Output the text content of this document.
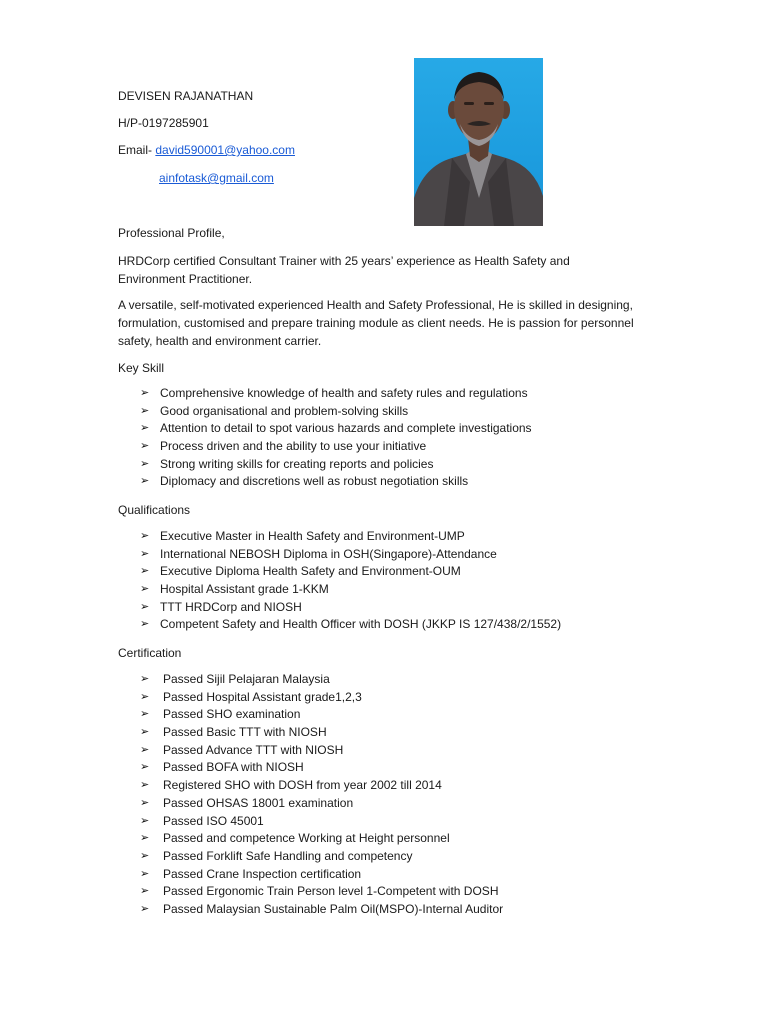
DEVISEN RAJANATHAN
H/P-0197285901
Email- david590001@yahoo.com
ainfotask@gmail.com
Professional Profile,
HRDCorp certified Consultant Trainer with 25 years’ experience as Health Safety and Environment Practitioner.
A versatile, self-motivated experienced Health and Safety Professional, He is skilled in designing, formulation, customised and prepare training module as client needs. He is passion for personnel safety, health and environment carrier.
Key Skill
➢ Comprehensive knowledge of health and safety rules and regulations
➢ Good organisational and problem-solving skills
➢ Attention to detail to spot various hazards and complete investigations
➢ Process driven and the ability to use your initiative
➢ Strong writing skills for creating reports and policies
➢ Diplomacy and discretions well as robust negotiation skills
Qualifications
➢ Executive Master in Health Safety and Environment-UMP
➢ International NEBOSH Diploma in OSH(Singapore)-Attendance
➢ Executive Diploma Health Safety and Environment-OUM
➢ Hospital Assistant grade 1-KKM
➢ TTT HRDCorp and NIOSH
➢ Competent Safety and Health Officer with DOSH (JKKP IS 127/438/2/1552)
Certification
➢	Passed Sijil Pelajaran Malaysia
➢	Passed Hospital Assistant grade1,2,3
➢	Passed SHO examination
➢	Passed Basic TTT with NIOSH
➢	Passed Advance TTT with NIOSH
➢	Passed BOFA with NIOSH
➢	Registered SHO with DOSH from year 2002 till 2014
➢	Passed OHSAS 18001 examination
➢	Passed ISO 45001
➢	Passed and competence Working at Height personnel
➢	Passed Forklift Safe Handling and competency
➢	Passed Crane Inspection certification
➢	Passed Ergonomic Train Person level 1-Competent with DOSH
➢	Passed Malaysian Sustainable Palm Oil(MSPO)-Internal Auditor
